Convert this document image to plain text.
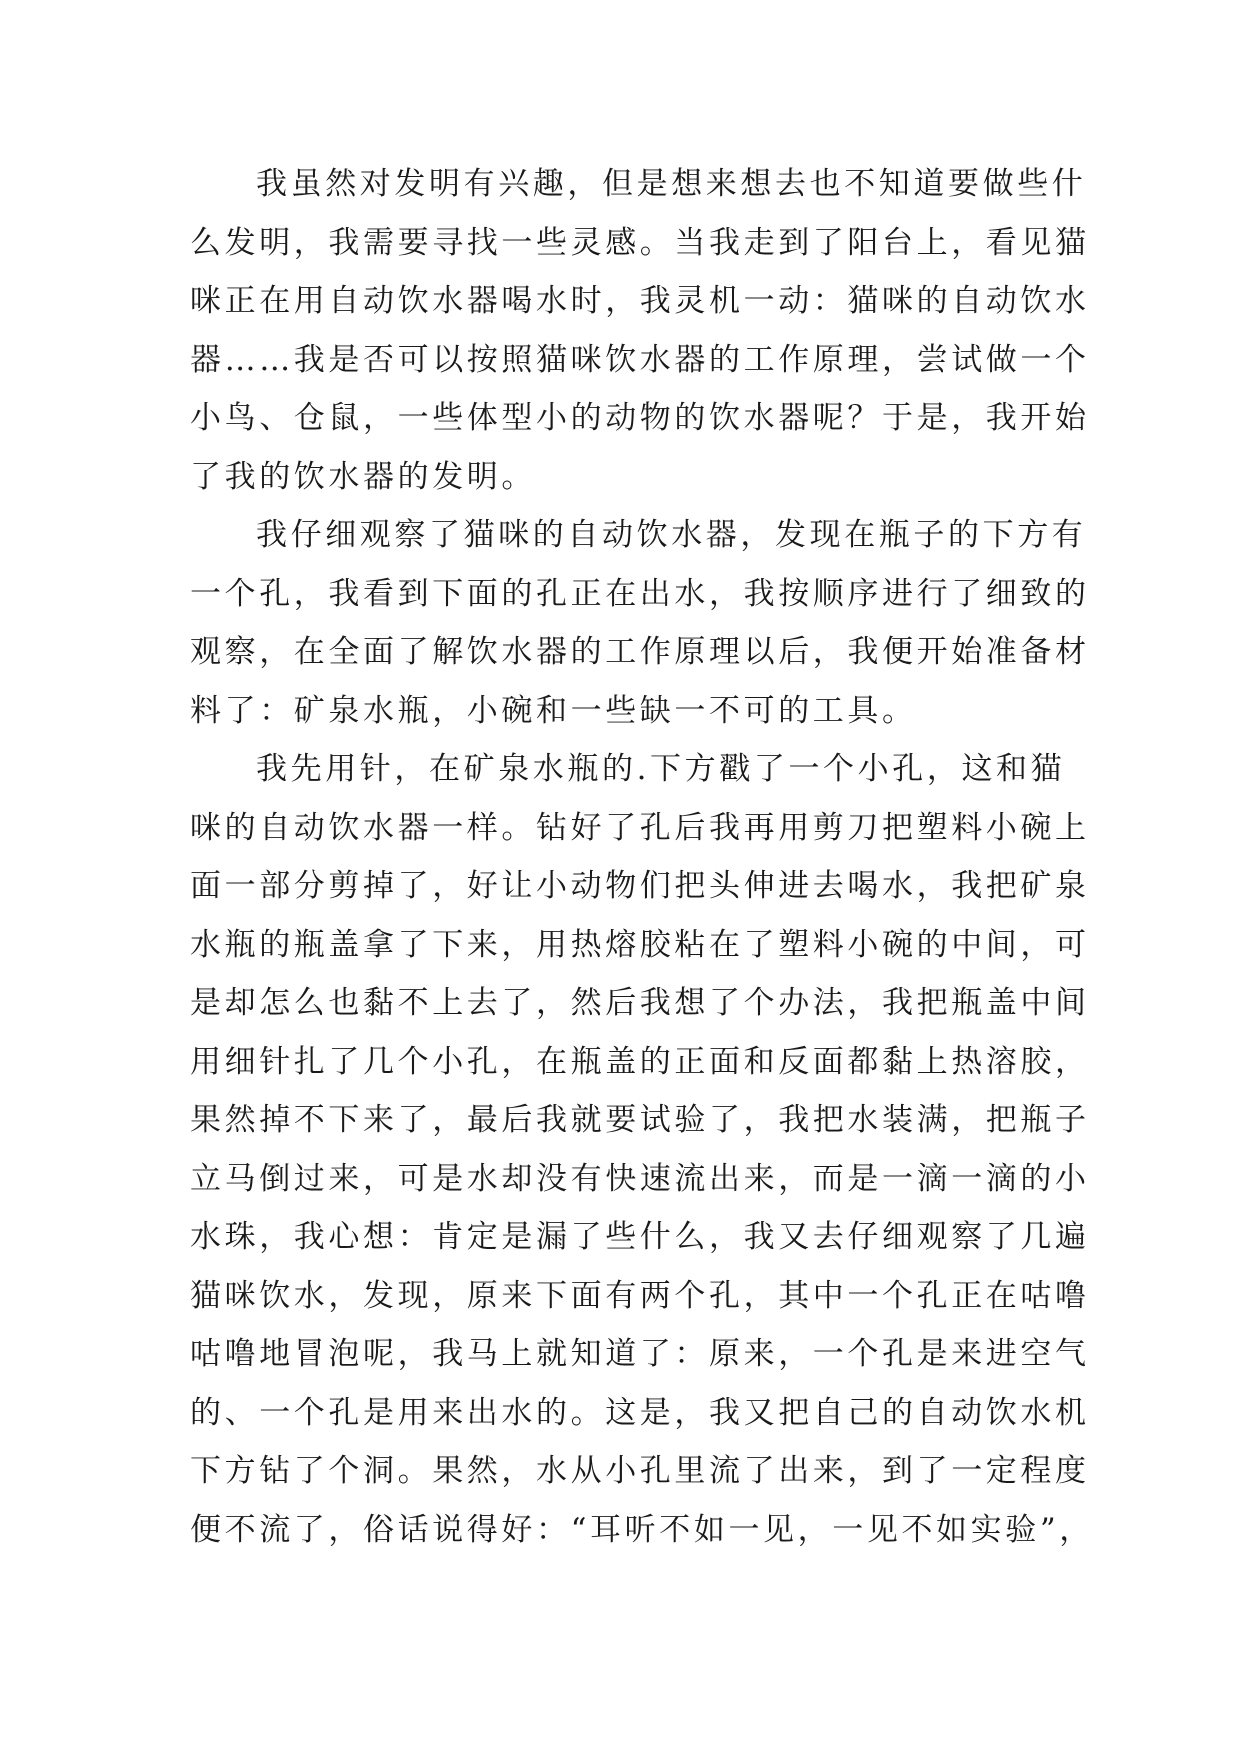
我虽然对发明有兴趣，但是想来想去也不知道要做些什
么发明，我需要寻找一些灵感。当我走到了阳台上，看见猫
咪正在用自动饮水器喝水时，我灵机一动：猫咪的自动饮水
器……我是否可以按照猫咪饮水器的工作原理，尝试做一个
小鸟、仓鼠，一些体型小的动物的饮水器呢？于是，我开始
了我的饮水器的发明。
我仔细观察了猫咪的自动饮水器，发现在瓶子的下方有
一个孔，我看到下面的孔正在出水，我按顺序进行了细致的
观察，在全面了解饮水器的工作原理以后，我便开始准备材
料了：矿泉水瓶，小碗和一些缺一不可的工具。
我先用针，在矿泉水瓶的.下方戳了一个小孔，这和猫
咪的自动饮水器一样。钻好了孔后我再用剪刀把塑料小碗上
面一部分剪掉了，好让小动物们把头伸进去喝水，我把矿泉
水瓶的瓶盖拿了下来，用热熔胶粘在了塑料小碗的中间，可
是却怎么也黏不上去了，然后我想了个办法，我把瓶盖中间
用细针扎了几个小孔，在瓶盖的正面和反面都黏上热溶胶，
果然掉不下来了，最后我就要试验了，我把水装满，把瓶子
立马倒过来，可是水却没有快速流出来，而是一滴一滴的小
水珠，我心想：肯定是漏了些什么，我又去仔细观察了几遍
猫咪饮水，发现，原来下面有两个孔，其中一个孔正在咕噜
咕噜地冒泡呢，我马上就知道了：原来，一个孔是来进空气
的、一个孔是用来出水的。这是，我又把自己的自动饮水机
下方钻了个洞。果然，水从小孔里流了出来，到了一定程度
便不流了，俗话说得好：“耳听不如一见，一见不如实验”，
